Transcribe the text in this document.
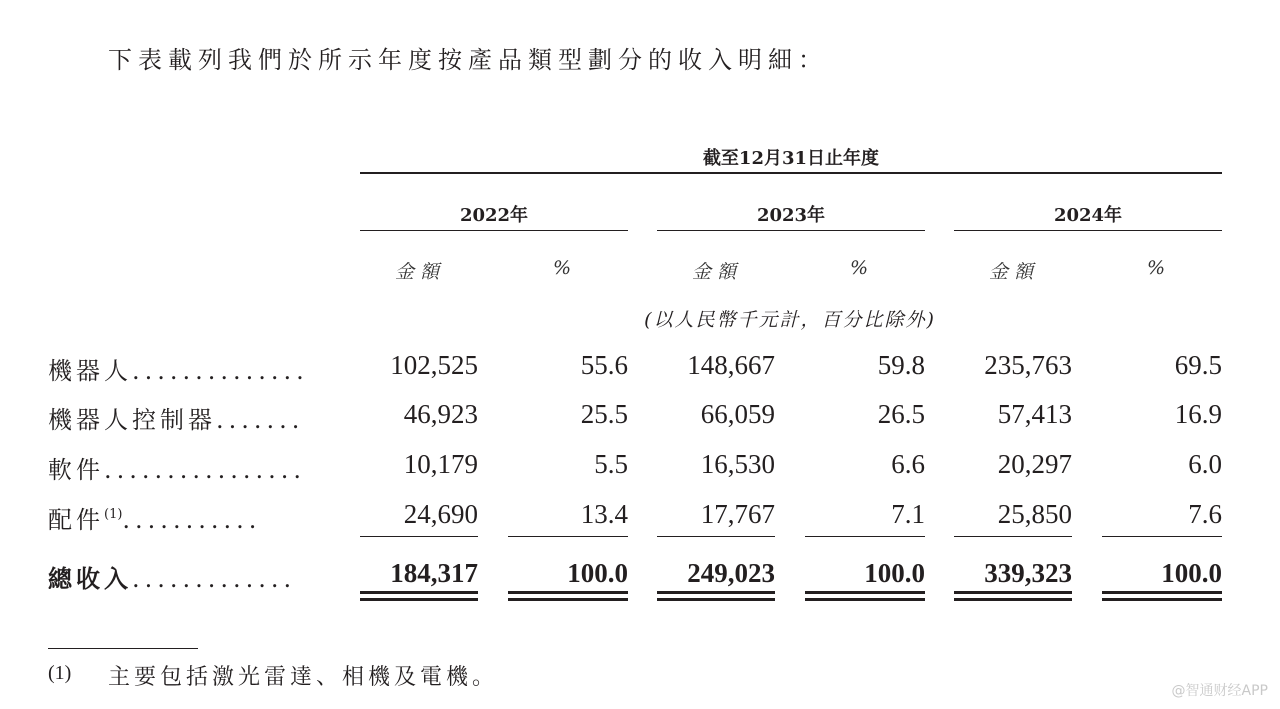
下表載列我們於所示年度按產品類型劃分的收入明細：
截至12月31日止年度
2022年	2023年	2024年
金額	%	金額	%	金額	%
(以人民幣千元計，百分比除外)
機器人..............	102,525	55.6	148,667	59.8	235,763	69.5
機器人控制器.......	46,923	25.5	66,059	26.5	57,413	16.9
軟件................	10,179	5.5	16,530	6.6	20,297	6.0
配件$^{(1)}$...........	24,690	13.4	17,767	7.1	25,850	7.6
總收入.............	184,317	100.0	249,023	100.0	339,323	100.0
(1) 主要包括激光雷達、相機及電機。
@智通财经APP
